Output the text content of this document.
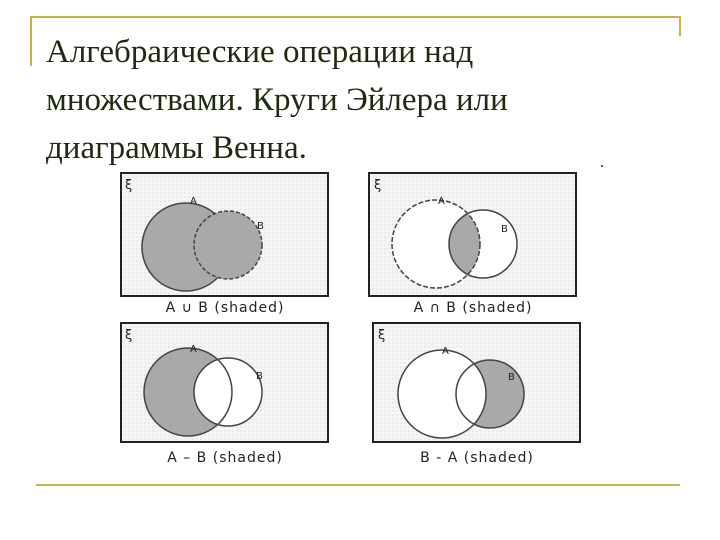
Алгебраические операции над
множествами. Круги Эйлера или
диаграммы Венна.
ξ
A
B
A ∪ B (shaded)
ξ
A
B
A ∩ B (shaded)
ξ
A
B
A – B (shaded)
ξ
A
B
B - A (shaded)
